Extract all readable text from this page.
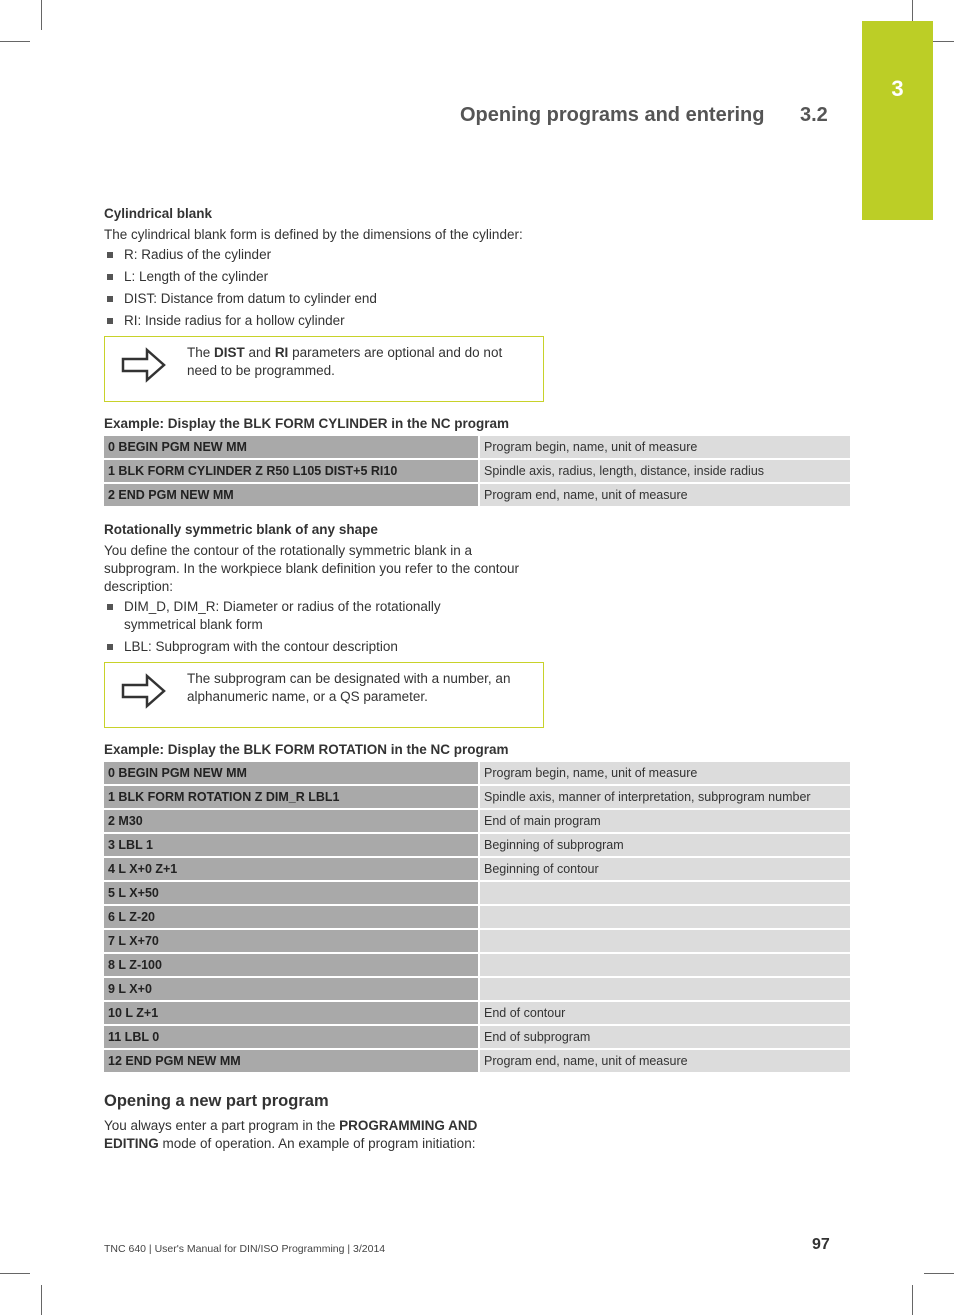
3
Opening programs and entering 3.2
Cylindrical blank
The cylindrical blank form is defined by the dimensions of the cylinder:
R: Radius of the cylinder
L: Length of the cylinder
DIST: Distance from datum to cylinder end
RI: Inside radius for a hollow cylinder
The DIST and RI parameters are optional and do not need to be programmed.
Example: Display the BLK FORM CYLINDER in the NC program
0 BEGIN PGM NEW MM	Program begin, name, unit of measure
1 BLK FORM CYLINDER Z R50 L105 DIST+5 RI10	Spindle axis, radius, length, distance, inside radius
2 END PGM NEW MM	Program end, name, unit of measure
Rotationally symmetric blank of any shape
You define the contour of the rotationally symmetric blank in a subprogram. In the workpiece blank definition you refer to the contour description:
DIM_D, DIM_R: Diameter or radius of the rotationally symmetrical blank form
LBL: Subprogram with the contour description
The subprogram can be designated with a number, an alphanumeric name, or a QS parameter.
Example: Display the BLK FORM ROTATION in the NC program
0 BEGIN PGM NEW MM	Program begin, name, unit of measure
1 BLK FORM ROTATION Z DIM_R LBL1	Spindle axis, manner of interpretation, subprogram number
2 M30	End of main program
3 LBL 1	Beginning of subprogram
4 L X+0 Z+1	Beginning of contour
5 L X+50	
6 L Z-20	
7 L X+70	
8 L Z-100	
9 L X+0	
10 L Z+1	End of contour
11 LBL 0	End of subprogram
12 END PGM NEW MM	Program end, name, unit of measure
Opening a new part program
You always enter a part program in the PROGRAMMING AND EDITING mode of operation. An example of program initiation:
TNC 640 | User's Manual for DIN/ISO Programming | 3/2014	97
